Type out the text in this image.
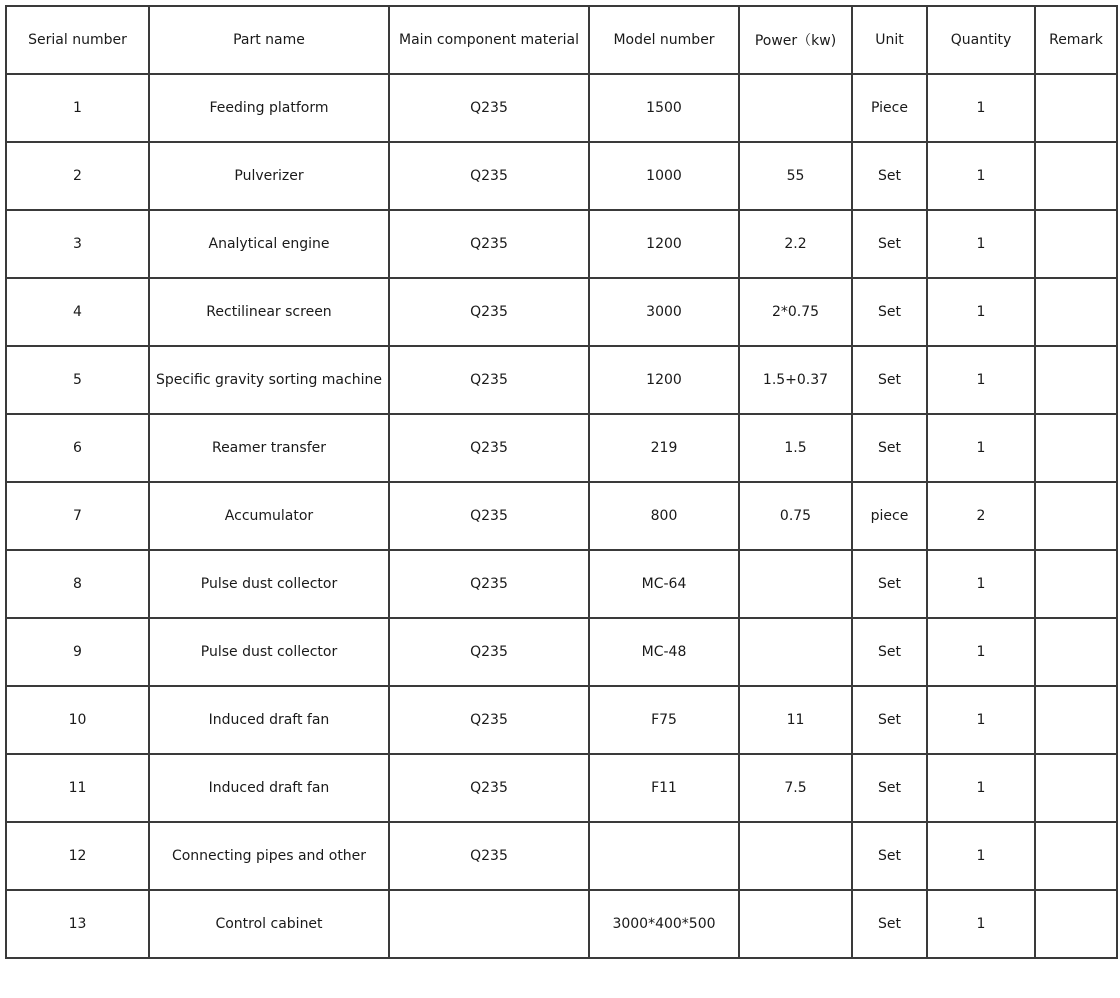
Serial number	Part name	Main component material	Model number	Power（kw)	Unit	Quantity	Remark
1	Feeding platform	Q235	1500		Piece	1	
2	Pulverizer	Q235	1000	55	Set	1	
3	Analytical engine	Q235	1200	2.2	Set	1	
4	Rectilinear screen	Q235	3000	2*0.75	Set	1	
5	Specific gravity sorting machine	Q235	1200	1.5+0.37	Set	1	
6	Reamer transfer	Q235	219	1.5	Set	1	
7	Accumulator	Q235	800	0.75	piece	2	
8	Pulse dust collector	Q235	MC-64		Set	1	
9	Pulse dust collector	Q235	MC-48		Set	1	
10	Induced draft fan	Q235	F75	11	Set	1	
11	Induced draft fan	Q235	F11	7.5	Set	1	
12	Connecting pipes and other	Q235			Set	1	
13	Control cabinet		3000*400*500		Set	1	
